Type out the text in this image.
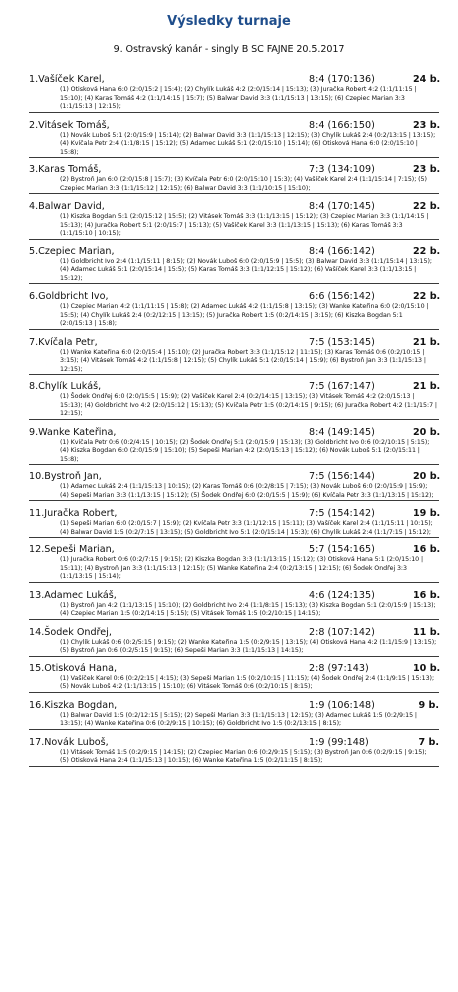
Výsledky turnaje
9. Ostravský kanár - singly B SC FAJNE 20.5.2017
1.Vašíček Karel,	8:4 (170:136)	24 b.
(1) Otisková Hana 6:0 (2:0/15:2 | 15:4); (2) Chylík Lukáš 4:2 (2:0/15:14 | 15:13); (3) Juračka Robert 4:2 (1:1/11:15 | 15:10); (4) Karas Tomáš 4:2 (1:1/14:15 | 15:7); (5) Balwar David 3:3 (1:1/15:13 | 13:15); (6) Czepiec Marian 3:3 (1:1/15:13 | 12:15);
2.Vitásek Tomáš,	8:4 (166:150)	23 b.
(1) Novák Luboš 5:1 (2:0/15:9 | 15:14); (2) Balwar David 3:3 (1:1/15:13 | 12:15); (3) Chylík Lukáš 2:4 (0:2/13:15 | 13:15); (4) Kvíčala Petr 2:4 (1:1/8:15 | 15:12); (5) Adamec Lukáš 5:1 (2:0/15:10 | 15:14); (6) Otisková Hana 6:0 (2:0/15:10 | 15:8);
3.Karas Tomáš,	7:3 (134:109)	23 b.
(2) Bystroň Jan 6:0 (2:0/15:8 | 15:7); (3) Kvíčala Petr 6:0 (2:0/15:10 | 15:3); (4) Vašíček Karel 2:4 (1:1/15:14 | 7:15); (5) Czepiec Marian 3:3 (1:1/15:12 | 12:15); (6) Balwar David 3:3 (1:1/10:15 | 15:10);
4.Balwar David,	8:4 (170:145)	22 b.
(1) Kiszka Bogdan 5:1 (2:0/15:12 | 15:5); (2) Vitásek Tomáš 3:3 (1:1/13:15 | 15:12); (3) Czepiec Marian 3:3 (1:1/14:15 | 15:13); (4) Juračka Robert 5:1 (2:0/15:7 | 15:13); (5) Vašíček Karel 3:3 (1:1/13:15 | 15:13); (6) Karas Tomáš 3:3 (1:1/15:10 | 10:15);
5.Czepiec Marian,	8:4 (166:142)	22 b.
(1) Goldbricht Ivo 2:4 (1:1/15:11 | 8:15); (2) Novák Luboš 6:0 (2:0/15:9 | 15:5); (3) Balwar David 3:3 (1:1/15:14 | 13:15); (4) Adamec Lukáš 5:1 (2:0/15:14 | 15:5); (5) Karas Tomáš 3:3 (1:1/12:15 | 15:12); (6) Vašíček Karel 3:3 (1:1/13:15 | 15:12);
6.Goldbricht Ivo,	6:6 (156:142)	22 b.
(1) Czepiec Marian 4:2 (1:1/11:15 | 15:8); (2) Adamec Lukáš 4:2 (1:1/15:8 | 13:15); (3) Wanke Kateřina 6:0 (2:0/15:10 | 15:5); (4) Chylík Lukáš 2:4 (0:2/12:15 | 13:15); (5) Juračka Robert 1:5 (0:2/14:15 | 3:15); (6) Kiszka Bogdan 5:1 (2:0/15:13 | 15:8);
7.Kvíčala Petr,	7:5 (153:145)	21 b.
(1) Wanke Kateřina 6:0 (2:0/15:4 | 15:10); (2) Juračka Robert 3:3 (1:1/15:12 | 11:15); (3) Karas Tomáš 0:6 (0:2/10:15 | 3:15); (4) Vitásek Tomáš 4:2 (1:1/15:8 | 12:15); (5) Chylík Lukáš 5:1 (2:0/15:14 | 15:9); (6) Bystroň Jan 3:3 (1:1/15:13 | 12:15);
8.Chylík Lukáš,	7:5 (167:147)	21 b.
(1) Šodek Ondřej 6:0 (2:0/15:5 | 15:9); (2) Vašíček Karel 2:4 (0:2/14:15 | 13:15); (3) Vitásek Tomáš 4:2 (2:0/15:13 | 15:13); (4) Goldbricht Ivo 4:2 (2:0/15:12 | 15:13); (5) Kvíčala Petr 1:5 (0:2/14:15 | 9:15); (6) Juračka Robert 4:2 (1:1/15:7 | 12:15);
9.Wanke Kateřina,	8:4 (149:145)	20 b.
(1) Kvíčala Petr 0:6 (0:2/4:15 | 10:15); (2) Šodek Ondřej 5:1 (2:0/15:9 | 15:13); (3) Goldbricht Ivo 0:6 (0:2/10:15 | 5:15); (4) Kiszka Bogdan 6:0 (2:0/15:9 | 15:10); (5) Sepeši Marian 4:2 (2:0/15:13 | 15:12); (6) Novák Luboš 5:1 (2:0/15:11 | 15:8);
10.Bystroň Jan,	7:5 (156:144)	20 b.
(1) Adamec Lukáš 2:4 (1:1/15:13 | 10:15); (2) Karas Tomáš 0:6 (0:2/8:15 | 7:15); (3) Novák Luboš 6:0 (2:0/15:9 | 15:9); (4) Sepeši Marian 3:3 (1:1/13:15 | 15:12); (5) Šodek Ondřej 6:0 (2:0/15:5 | 15:9); (6) Kvíčala Petr 3:3 (1:1/13:15 | 15:12);
11.Juračka Robert,	7:5 (154:142)	19 b.
(1) Sepeši Marian 6:0 (2:0/15:7 | 15:9); (2) Kvíčala Petr 3:3 (1:1/12:15 | 15:11); (3) Vašíček Karel 2:4 (1:1/15:11 | 10:15); (4) Balwar David 1:5 (0:2/7:15 | 13:15); (5) Goldbricht Ivo 5:1 (2:0/15:14 | 15:3); (6) Chylík Lukáš 2:4 (1:1/7:15 | 15:12);
12.Sepeši Marian,	5:7 (154:165)	16 b.
(1) Juračka Robert 0:6 (0:2/7:15 | 9:15); (2) Kiszka Bogdan 3:3 (1:1/13:15 | 15:12); (3) Otisková Hana 5:1 (2:0/15:10 | 15:11); (4) Bystroň Jan 3:3 (1:1/15:13 | 12:15); (5) Wanke Kateřina 2:4 (0:2/13:15 | 12:15); (6) Šodek Ondřej 3:3 (1:1/13:15 | 15:14);
13.Adamec Lukáš,	4:6 (124:135)	16 b.
(1) Bystroň Jan 4:2 (1:1/13:15 | 15:10); (2) Goldbricht Ivo 2:4 (1:1/8:15 | 15:13); (3) Kiszka Bogdan 5:1 (2:0/15:9 | 15:13); (4) Czepiec Marian 1:5 (0:2/14:15 | 5:15); (5) Vitásek Tomáš 1:5 (0:2/10:15 | 14:15);
14.Šodek Ondřej,	2:8 (107:142)	11 b.
(1) Chylík Lukáš 0:6 (0:2/5:15 | 9:15); (2) Wanke Kateřina 1:5 (0:2/9:15 | 13:15); (4) Otisková Hana 4:2 (1:1/15:9 | 13:15); (5) Bystroň Jan 0:6 (0:2/5:15 | 9:15); (6) Sepeši Marian 3:3 (1:1/15:13 | 14:15);
15.Otisková Hana,	2:8 (97:143)	10 b.
(1) Vašíček Karel 0:6 (0:2/2:15 | 4:15); (3) Sepeši Marian 1:5 (0:2/10:15 | 11:15); (4) Šodek Ondřej 2:4 (1:1/9:15 | 15:13); (5) Novák Luboš 4:2 (1:1/13:15 | 15:10); (6) Vitásek Tomáš 0:6 (0:2/10:15 | 8:15);
16.Kiszka Bogdan,	1:9 (106:148)	9 b.
(1) Balwar David 1:5 (0:2/12:15 | 5:15); (2) Sepeši Marian 3:3 (1:1/15:13 | 12:15); (3) Adamec Lukáš 1:5 (0:2/9:15 | 13:15); (4) Wanke Kateřina 0:6 (0:2/9:15 | 10:15); (6) Goldbricht Ivo 1:5 (0:2/13:15 | 8:15);
17.Novák Luboš,	1:9 (99:148)	7 b.
(1) Vitásek Tomáš 1:5 (0:2/9:15 | 14:15); (2) Czepiec Marian 0:6 (0:2/9:15 | 5:15); (3) Bystroň Jan 0:6 (0:2/9:15 | 9:15); (5) Otisková Hana 2:4 (1:1/15:13 | 10:15); (6) Wanke Kateřina 1:5 (0:2/11:15 | 8:15);
